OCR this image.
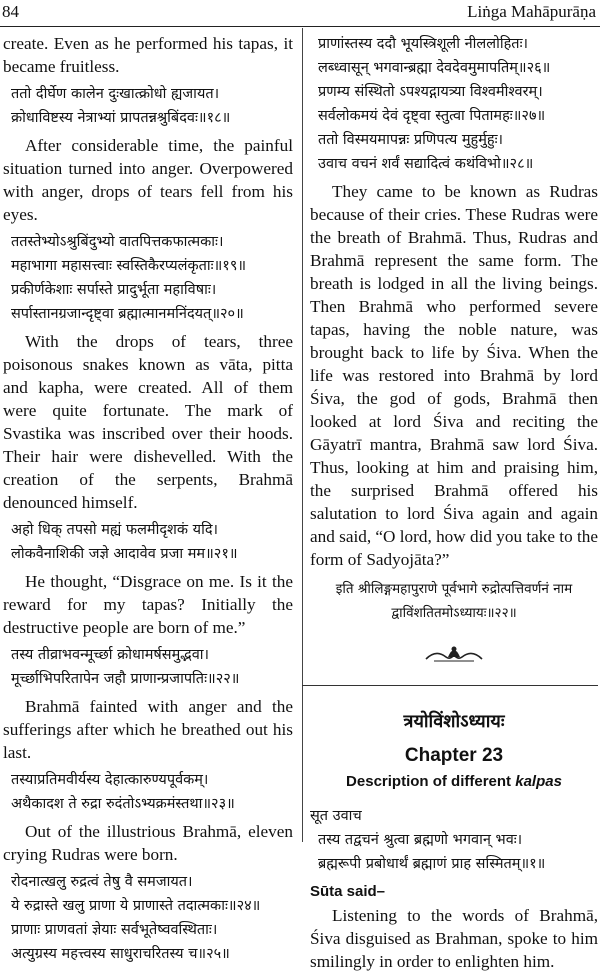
84	Liṅga Mahāpurāṇa

create. Even as he performed his tapas, it became fruitless.

ततो दीर्घेण कालेन दुःखात्क्रोधो ह्यजायत।

क्रोधाविष्टस्य नेत्राभ्यां प्रापतन्नश्रुबिंदवः॥१८॥

After considerable time, the painful situation turned into anger. Overpowered with anger, drops of tears fell from his eyes.

ततस्तेभ्योऽश्रुबिंदुभ्यो वातपित्तकफात्मकाः।

महाभागा महासत्त्वाः स्वस्तिकैरप्यलंकृताः॥१९॥

प्रकीर्णकेशाः सर्पास्ते प्रादुर्भूता महाविषाः।

सर्पास्तानग्रजान्दृष्ट्वा ब्रह्मात्मानमनिंदयत्॥२०॥

With the drops of tears, three poisonous snakes known as vāta, pitta and kapha, were created. All of them were quite fortunate. The mark of Svastika was inscribed over their hoods. Their hair were dishevelled. With the creation of the serpents, Brahmā denounced himself.

अहो धिक् तपसो मह्यं फलमीदृशकं यदि।

लोकवैनाशिकी जज्ञे आदावेव प्रजा मम॥२१॥

He thought, “Disgrace on me. Is it the reward for my tapas? Initially the destructive people are born of me.”

तस्य तीव्राभवन्मूर्च्छा क्रोधामर्षसमुद्भवा।

मूर्च्छाभिपरितापेन जहौ प्राणान्प्रजापतिः॥२२॥

Brahmā fainted with anger and the sufferings after which he breathed out his last.

तस्याप्रतिमवीर्यस्य देहात्कारुण्यपूर्वकम्।

अथैकादश ते रुद्रा रुदंतोऽभ्यक्रमंस्तथा॥२३॥

Out of the illustrious Brahmā, eleven crying Rudras were born.

रोदनात्खलु रुद्रत्वं तेषु वै समजायत।

ये रुद्रास्ते खलु प्राणा ये प्राणास्ते तदात्मकाः॥२४॥

प्राणाः प्राणवतां ज्ञेयाः सर्वभूतेष्ववस्थिताः।

अत्युग्रस्य महत्त्वस्य साधुराचरितस्य च॥२५॥

प्राणांस्तस्य ददौ भूयस्त्रिशूली नीललोहितः।

लब्ध्वासून् भगवान्ब्रह्मा देवदेवमुमापतिम्॥२६॥

प्रणम्य संस्थितो ऽपश्यद्गायत्र्या विश्वमीश्वरम्।

सर्वलोकमयं देवं दृष्ट्वा स्तुत्वा पितामहः॥२७॥

ततो विस्मयमापन्नः प्रणिपत्य मुहुर्मुहुः।

उवाच वचनं शर्वं सद्यादित्वं कथंविभो॥२८॥

They came to be known as Rudras because of their cries. These Rudras were the breath of Brahmā. Thus, Rudras and Brahmā represent the same form. The breath is lodged in all the living beings. Then Brahmā who performed severe tapas, having the noble nature, was brought back to life by Śiva. When the life was restored into Brahmā by lord Śiva, the god of gods, Brahmā then looked at lord Śiva and reciting the Gāyatrī mantra, Brahmā saw lord Śiva. Thus, looking at him and praising him, the surprised Brahmā offered his salutation to lord Śiva again and again and said, “O lord, how did you take to the form of Sadyojāta?”

इति श्रीलिङ्गमहापुराणे पूर्वभागे रुद्रोत्पत्तिवर्णनं नाम

द्वाविंशतितमोऽध्यायः॥२२॥

त्रयोविंशोऽध्यायः
Chapter 23
Description of different kalpas
सूत उवाच

तस्य तद्वचनं श्रुत्वा ब्रह्मणो भगवान् भवः।

ब्रह्मरूपी प्रबोधार्थं ब्रह्माणं प्राह सस्मितम्॥१॥

Sūta said–

Listening to the words of Brahmā, Śiva disguised as Brahman, spoke to him smilingly in order to enlighten him.
